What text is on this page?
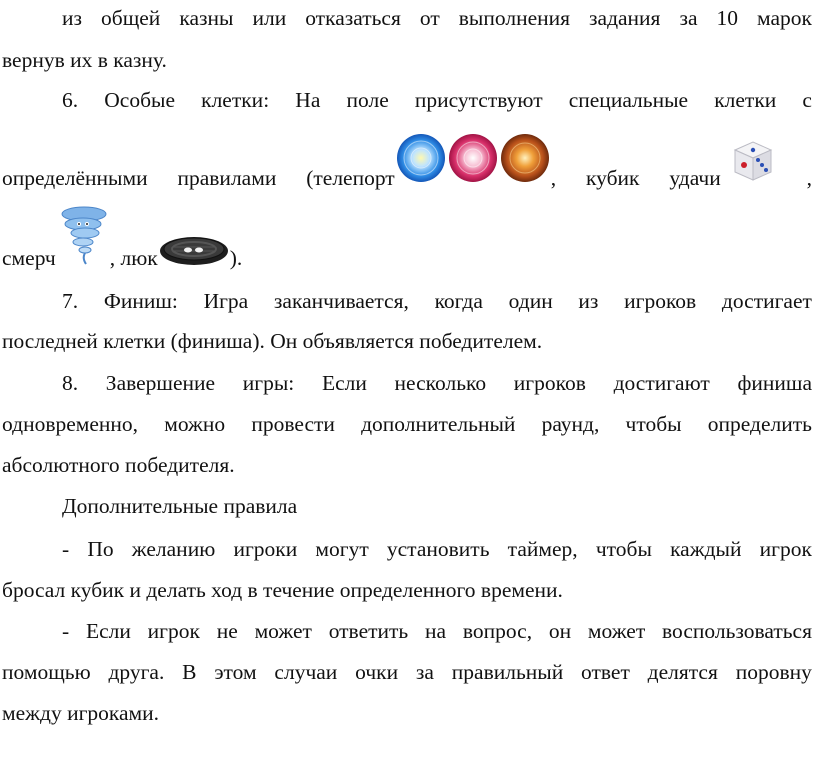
из общей казны или отказаться от выполнения задания за 10 марок
вернув их в казну.
6. Особые клетки: На поле присутствуют специальные клетки с
определёнными правилами (телепорт	, кубик удачи	,
смерч	, люк	).
7. Финиш: Игра заканчивается, когда один из игроков достигает
последней клетки (финиша). Он объявляется победителем.
8. Завершение игры: Если несколько игроков достигают финиша
одновременно, можно провести дополнительный раунд, чтобы определить
абсолютного победителя.
Дополнительные правила
- По желанию игроки могут установить таймер, чтобы каждый игрок
бросал кубик и делать ход в течение определенного времени.
- Если игрок не может ответить на вопрос, он может воспользоваться
помощью друга. В этом случаи очки за правильный ответ делятся поровну
между игроками.
